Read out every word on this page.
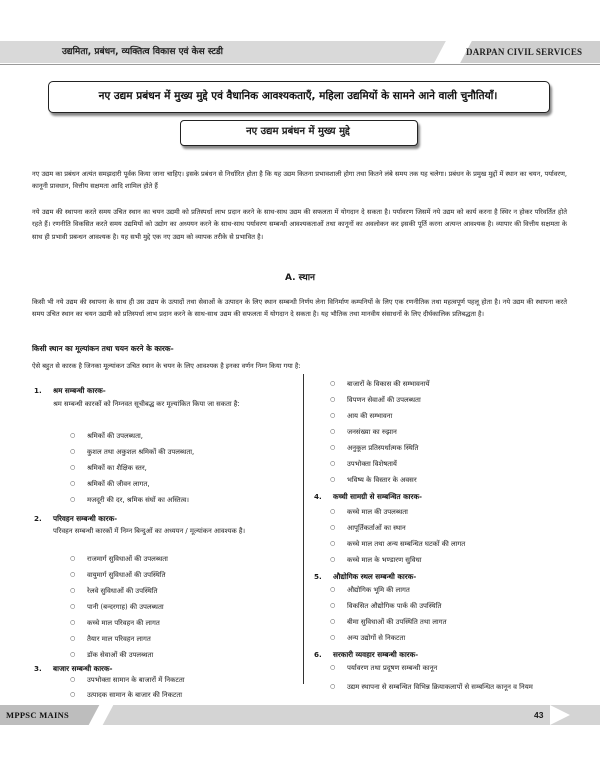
उद्यमिता, प्रबंधन, व्यक्तित्व विकास एवं केस स्टडी	DARPAN CIVIL SERVICES
नए उद्यम प्रबंधन में मुख्य मुद्दे एवं वैधानिक आवश्यकताएँ, महिला उद्यमियों के सामने आने वाली चुनौतियाँ।
नए उद्यम प्रबंधन में मुख्य मुद्दे
नए उद्यम का प्रबंधन अत्यंत समझदारी पूर्वक किया जाना चाहिए। इसके प्रबंधन से निर्धारित होता है कि यह उद्यम कितना प्रभावशाली होगा तथा कितने लंबे समय तक यह चलेगा। प्रबंधन के प्रमुख मुद्दों में स्थान का चयन, पर्यावरण, कानूनी प्रावधान, वित्तीय सक्षमता आदि शामिल होते हैं
नये उद्यम की स्थापना करते समय उचित स्थान का चयन उद्यमी को प्रतिस्पर्धा लाभ प्रदान करने के साथ-साथ उद्यम की सफलता में योगदान दे सकता है। पर्यावरण जिसमें नये उद्यम को कार्य करना है स्थिर न होकर परिवर्तित होते रहते हैं। रणनीति विकसित करते समय उद्यमियों को उद्योग का अध्ययन करने के साथ-साथ पर्यावरण सम्बन्धी आवश्यकताओं तथा कानूनों का अवलोकन कर इसकी पूर्ति करना अत्यन्त आवश्यक है। व्यापार की वित्तीय सक्षमता के साथ ही प्रभावी प्रबन्धन आवश्यक है। यह सभी मुद्दे एक नए उद्यम को व्यापक तरीके से प्रभावित है।
A. स्थान
किसी भी नये उद्यम की स्थापना के साथ ही उस उद्यम के उत्पादों तथा सेवाओं के उत्पादन के लिए स्थान सम्बन्धी निर्णय लेना विनिर्माण कम्पनियों के लिए एक रणनीतिक तथा महत्वपूर्ण पहलू होता है। नये उद्यम की स्थापना करते समय उचित स्थान का चयन उद्यमी को प्रतिस्पर्धा लाभ प्रदान करने के साथ-साथ उद्यम की सफलता में योगदान दे सकता है। यह भौतिक तथा मानवीय संसाधनों के लिए दीर्घकालिक प्रतिबद्धता है।
किसी स्थान का मूल्यांकन तथा चयन करने के कारक-
ऐसे बहुत से कारक है जिनका मूल्यांकन उचित स्थान के चयन के लिए आवश्यक है इनका वर्णन निम्न किया गया है:
1. श्रम सम्बन्धी कारक-
श्रम सम्बन्धी कारकों को निम्नवत सूचीबद्ध कर मूल्यांकित किया जा सकता है:
○ श्रमिकों की उपलब्धता,
○ कुशल तथा अकुशल श्रमिकों की उपलब्धता,
○ श्रमिकों का शैक्षिक स्तर,
○ श्रमिकों की जीवन लागत,
○ मजदूरी की दर, श्रमिक संघों का अस्तित्व।
2. परिवहन सम्बन्धी कारक-
परिवहन सम्बन्धी कारकों में निम्न बिन्दुओं का अध्ययन / मूल्यांकन आवश्यक है।
○ राजमार्ग सुविधाओं की उपलब्धता
○ वायुमार्ग सुविधाओं की उपस्थिति
○ रेलवे सुविधाओं की उपस्थिति
○ पानी (बन्दरगाह) की उपलब्धता
○ कच्चे माल परिवहन की लागत
○ तैयार माल परिवहन लागत
○ डॉक सेवाओं की उपलब्धता
3. बाजार सम्बन्धी कारक-
○ उपभोक्ता सामान के बाजारों में निकटता
○ उत्पादक सामान के बाजार की निकटता
○ बाजारों के विकास की सम्भावनायें
○ विपणन सेवाओं की उपलब्धता
○ आय की सम्भावना
○ जनसंख्या का रुझान
○ अनुकूल प्रतिस्पर्धात्मक स्थिति
○ उपभोक्ता विशेषतायें
○ भविष्य के विस्तार के अवसर
4. कच्ची सामग्री से सम्बन्धित कारक-
○ कच्चे माल की उपलब्धता
○ आपूर्तिकर्ताओं का स्थान
○ कच्चे माल तथा अन्य सम्बन्धित घटकों की लागत
○ कच्चे माल के भण्डारण सुविधा
5. औद्योगिक स्थल सम्बन्धी कारक-
○ औद्योगिक भूमि की लागत
○ विकसित औद्योगिक पार्क की उपस्थिति
○ बीमा सुविधाओं की उपस्थिति तथा लागत
○ अन्य उद्योगों से निकटता
6. सरकारी व्यवहार सम्बन्धी कारक-
○ पर्यावरण तथा प्रदूषण सम्बन्धी कानून
○	उद्यम स्थापना से सम्बन्धित विभिन्न क्रियाकलापों से सम्बन्धित कानून व नियम
MPPSC MAINS	43
